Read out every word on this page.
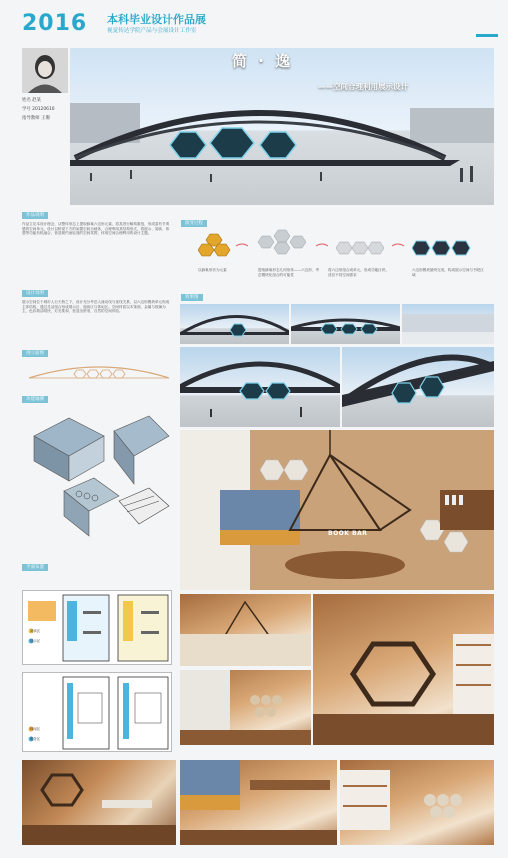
2016 本科毕业设计作品展
视觉传达学院产品与会展设计工作室
姓名 赵某
学号 20120610
指导教师 王珊
简 · 逸
——空间合理利用展示设计
作品说明
作品立足本设计理念，从整体形态上提取蜂巢六边形元素，将其进行解构重组，形成富有节奏感的空间单元。设计以桥梁下方的闲置空间为载体，合理利用其结构形式，将展示、阅读、休憩等功能有机融合，营造简约而轻逸的空间氛围，体现空间合理利用的设计主题。
设计说明
展示空间位于城市人行天桥之下，设计充分考虑人流动线与视线关系，以六边形模块单元构成主体结构，通过灵活组合形成展示区、阅读区与休闲区。空间材质以木饰面、金属与玻璃为主，色彩简洁明快，灯光柔和，营造出舒适、自然的空间体验。
剖立面图
功能轴测
平面布置
阅读区
展示区
休闲区
服务区
演变过程
以蜂巢形状为元素	提取蜂巢形态几何形体——六边形，考虑模块化组合的可能性
将六边形组合成单元，形成功能区块，适应不同空间需求
六边形模块最终完成，构成展示空间与书吧区域
效果图
BOOK BAR
